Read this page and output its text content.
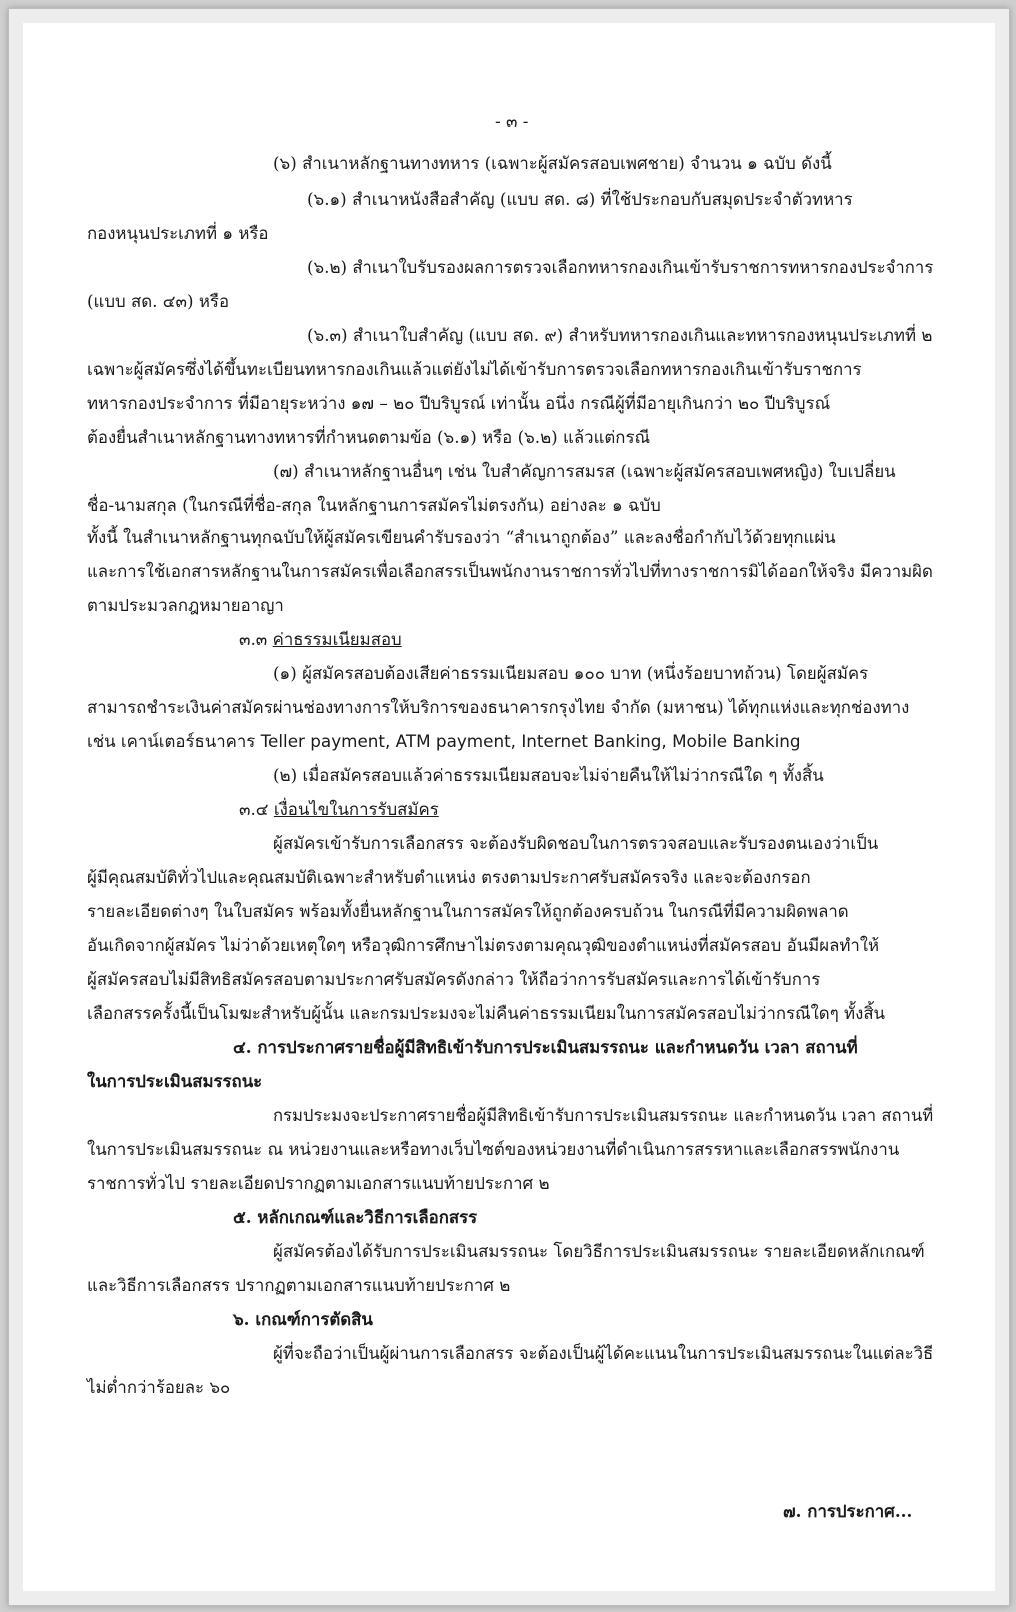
- ๓ -
(๖) สำเนาหลักฐานทางทหาร (เฉพาะผู้สมัครสอบเพศชาย) จำนวน ๑ ฉบับ ดังนี้
(๖.๑) สำเนาหนังสือสำคัญ (แบบ สด. ๘) ที่ใช้ประกอบกับสมุดประจำตัวทหาร
กองหนุนประเภทที่ ๑ หรือ
(๖.๒) สำเนาใบรับรองผลการตรวจเลือกทหารกองเกินเข้ารับราชการทหารกองประจำการ
(แบบ สด. ๔๓) หรือ
(๖.๓) สำเนาใบสำคัญ (แบบ สด. ๙) สำหรับทหารกองเกินและทหารกองหนุนประเภทที่ ๒
เฉพาะผู้สมัครซึ่งได้ขึ้นทะเบียนทหารกองเกินแล้วแต่ยังไม่ได้เข้ารับการตรวจเลือกทหารกองเกินเข้ารับราชการ
ทหารกองประจำการ ที่มีอายุระหว่าง ๑๗ – ๒๐ ปีบริบูรณ์ เท่านั้น อนึ่ง กรณีผู้ที่มีอายุเกินกว่า ๒๐ ปีบริบูรณ์
ต้องยื่นสำเนาหลักฐานทางทหารที่กำหนดตามข้อ (๖.๑) หรือ (๖.๒) แล้วแต่กรณี
(๗) สำเนาหลักฐานอื่นๆ เช่น ใบสำคัญการสมรส (เฉพาะผู้สมัครสอบเพศหญิง) ใบเปลี่ยน
ชื่อ-นามสกุล (ในกรณีที่ชื่อ-สกุล ในหลักฐานการสมัครไม่ตรงกัน) อย่างละ ๑ ฉบับ
ทั้งนี้ ในสำเนาหลักฐานทุกฉบับให้ผู้สมัครเขียนคำรับรองว่า “สำเนาถูกต้อง” และลงชื่อกำกับไว้ด้วยทุกแผ่น
และการใช้เอกสารหลักฐานในการสมัครเพื่อเลือกสรรเป็นพนักงานราชการทั่วไปที่ทางราชการมิได้ออกให้จริง มีความผิด
ตามประมวลกฎหมายอาญา
๓.๓ ค่าธรรมเนียมสอบ
(๑) ผู้สมัครสอบต้องเสียค่าธรรมเนียมสอบ ๑๐๐ บาท (หนึ่งร้อยบาทถ้วน) โดยผู้สมัคร
สามารถชำระเงินค่าสมัครผ่านช่องทางการให้บริการของธนาคารกรุงไทย จำกัด (มหาชน) ได้ทุกแห่งและทุกช่องทาง
เช่น เคาน์เตอร์ธนาคาร Teller payment, ATM payment, Internet Banking, Mobile Banking
(๒) เมื่อสมัครสอบแล้วค่าธรรมเนียมสอบจะไม่จ่ายคืนให้ไม่ว่ากรณีใด ๆ ทั้งสิ้น
๓.๔ เงื่อนไขในการรับสมัคร
ผู้สมัครเข้ารับการเลือกสรร จะต้องรับผิดชอบในการตรวจสอบและรับรองตนเองว่าเป็น
ผู้มีคุณสมบัติทั่วไปและคุณสมบัติเฉพาะสำหรับตำแหน่ง ตรงตามประกาศรับสมัครจริง และจะต้องกรอก
รายละเอียดต่างๆ ในใบสมัคร พร้อมทั้งยื่นหลักฐานในการสมัครให้ถูกต้องครบถ้วน ในกรณีที่มีความผิดพลาด
อันเกิดจากผู้สมัคร ไม่ว่าด้วยเหตุใดๆ หรือวุฒิการศึกษาไม่ตรงตามคุณวุฒิของตำแหน่งที่สมัครสอบ อันมีผลทำให้
ผู้สมัครสอบไม่มีสิทธิสมัครสอบตามประกาศรับสมัครดังกล่าว ให้ถือว่าการรับสมัครและการได้เข้ารับการ
เลือกสรรครั้งนี้เป็นโมฆะสำหรับผู้นั้น และกรมประมงจะไม่คืนค่าธรรมเนียมในการสมัครสอบไม่ว่ากรณีใดๆ ทั้งสิ้น
๔. การประกาศรายชื่อผู้มีสิทธิเข้ารับการประเมินสมรรถนะ และกำหนดวัน เวลา สถานที่
ในการประเมินสมรรถนะ
กรมประมงจะประกาศรายชื่อผู้มีสิทธิเข้ารับการประเมินสมรรถนะ และกำหนดวัน เวลา สถานที่
ในการประเมินสมรรถนะ ณ หน่วยงานและหรือทางเว็บไซต์ของหน่วยงานที่ดำเนินการสรรหาและเลือกสรรพนักงาน
ราชการทั่วไป รายละเอียดปรากฏตามเอกสารแนบท้ายประกาศ ๒
๕. หลักเกณฑ์และวิธีการเลือกสรร
ผู้สมัครต้องได้รับการประเมินสมรรถนะ โดยวิธีการประเมินสมรรถนะ รายละเอียดหลักเกณฑ์
และวิธีการเลือกสรร ปรากฏตามเอกสารแนบท้ายประกาศ ๒
๖. เกณฑ์การตัดสิน
ผู้ที่จะถือว่าเป็นผู้ผ่านการเลือกสรร จะต้องเป็นผู้ได้คะแนนในการประเมินสมรรถนะในแต่ละวิธี
ไม่ต่ำกว่าร้อยละ ๖๐
๗. การประกาศ...
